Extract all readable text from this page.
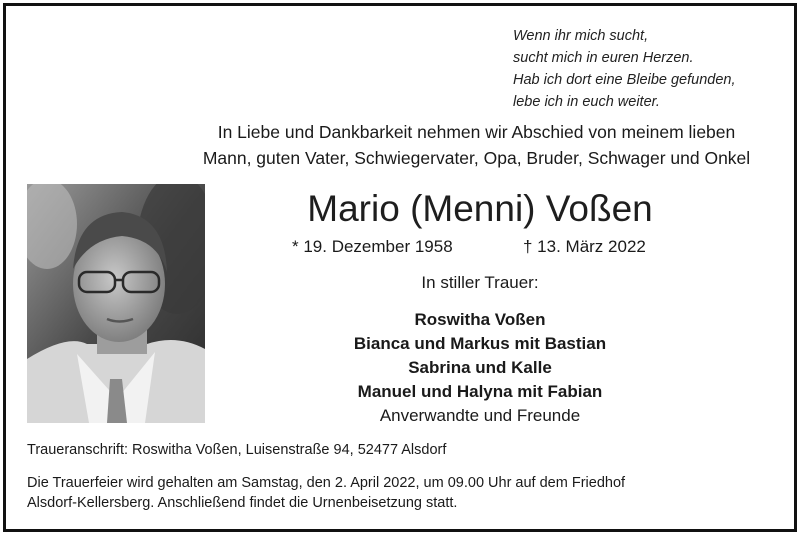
Wenn ihr mich sucht,
sucht mich in euren Herzen.
Hab ich dort eine Bleibe gefunden,
lebe ich in euch weiter.
In Liebe und Dankbarkeit nehmen wir Abschied von meinem lieben
Mann, guten Vater, Schwiegervater, Opa, Bruder, Schwager und Onkel
Mario (Menni) Voßen
* 19. Dezember 1958	† 13. März 2022
In stiller Trauer:
Roswitha Voßen
Bianca und Markus mit Bastian
Sabrina und Kalle
Manuel und Halyna mit Fabian
Anverwandte und Freunde
Traueranschrift: Roswitha Voßen, Luisenstraße 94, 52477 Alsdorf
Die Trauerfeier wird gehalten am Samstag, den 2. April 2022, um 09.00 Uhr auf dem Friedhof
Alsdorf-Kellersberg. Anschließend findet die Urnenbeisetzung statt.
